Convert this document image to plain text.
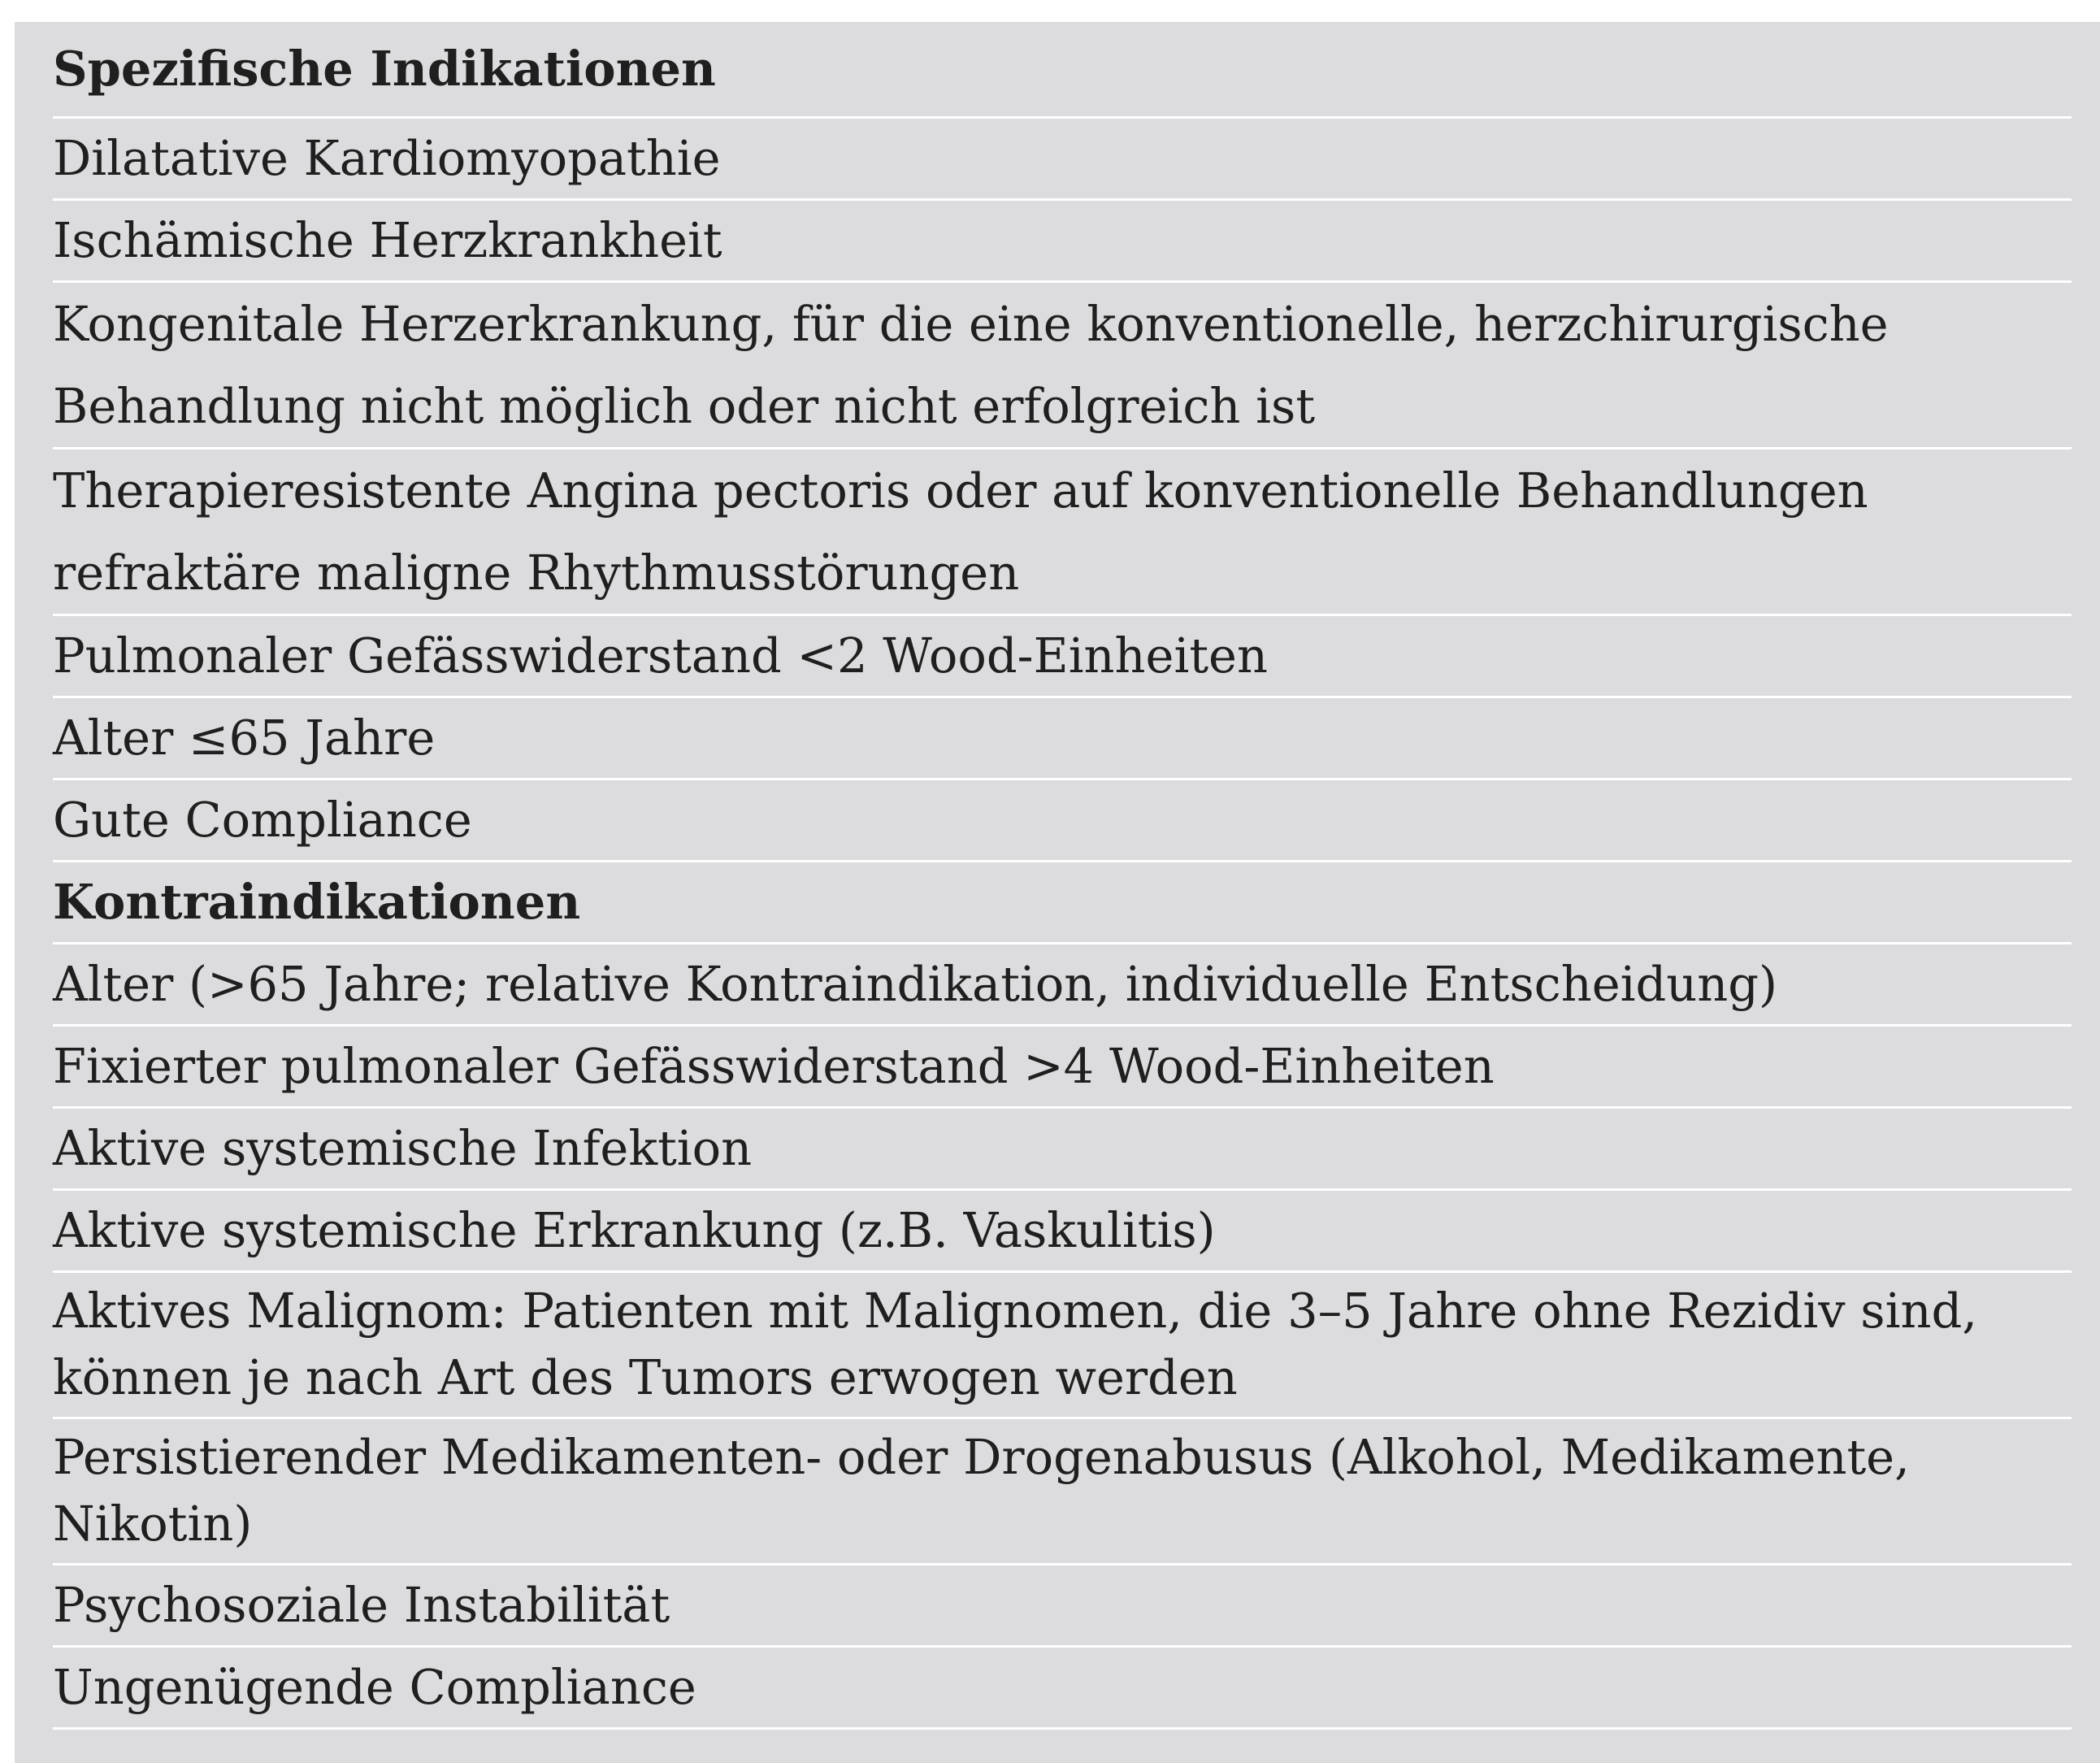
Spezifische Indikationen
Dilatative Kardiomyopathie
Ischämische Herzkrankheit
Kongenitale Herzerkrankung, für die eine konventionelle, herzchirurgische Behandlung nicht möglich oder nicht erfolgreich ist
Therapieresistente Angina pectoris oder auf konventionelle Behandlungen refraktäre maligne Rhythmusstörungen
Pulmonaler Gefässwiderstand <2 Wood-Einheiten
Alter ≤65 Jahre
Gute Compliance
Kontraindikationen
Alter (>65 Jahre; relative Kontraindikation, individuelle Entscheidung)
Fixierter pulmonaler Gefässwiderstand >4 Wood-Einheiten
Aktive systemische Infektion
Aktive systemische Erkrankung (z.B. Vaskulitis)
Aktives Malignom: Patienten mit Malignomen, die 3–5 Jahre ohne Rezidiv sind, können je nach Art des Tumors erwogen werden
Persistierender Medikamenten- oder Drogenabusus (Alkohol, Medikamente, Nikotin)
Psychosoziale Instabilität
Ungenügende Compliance
